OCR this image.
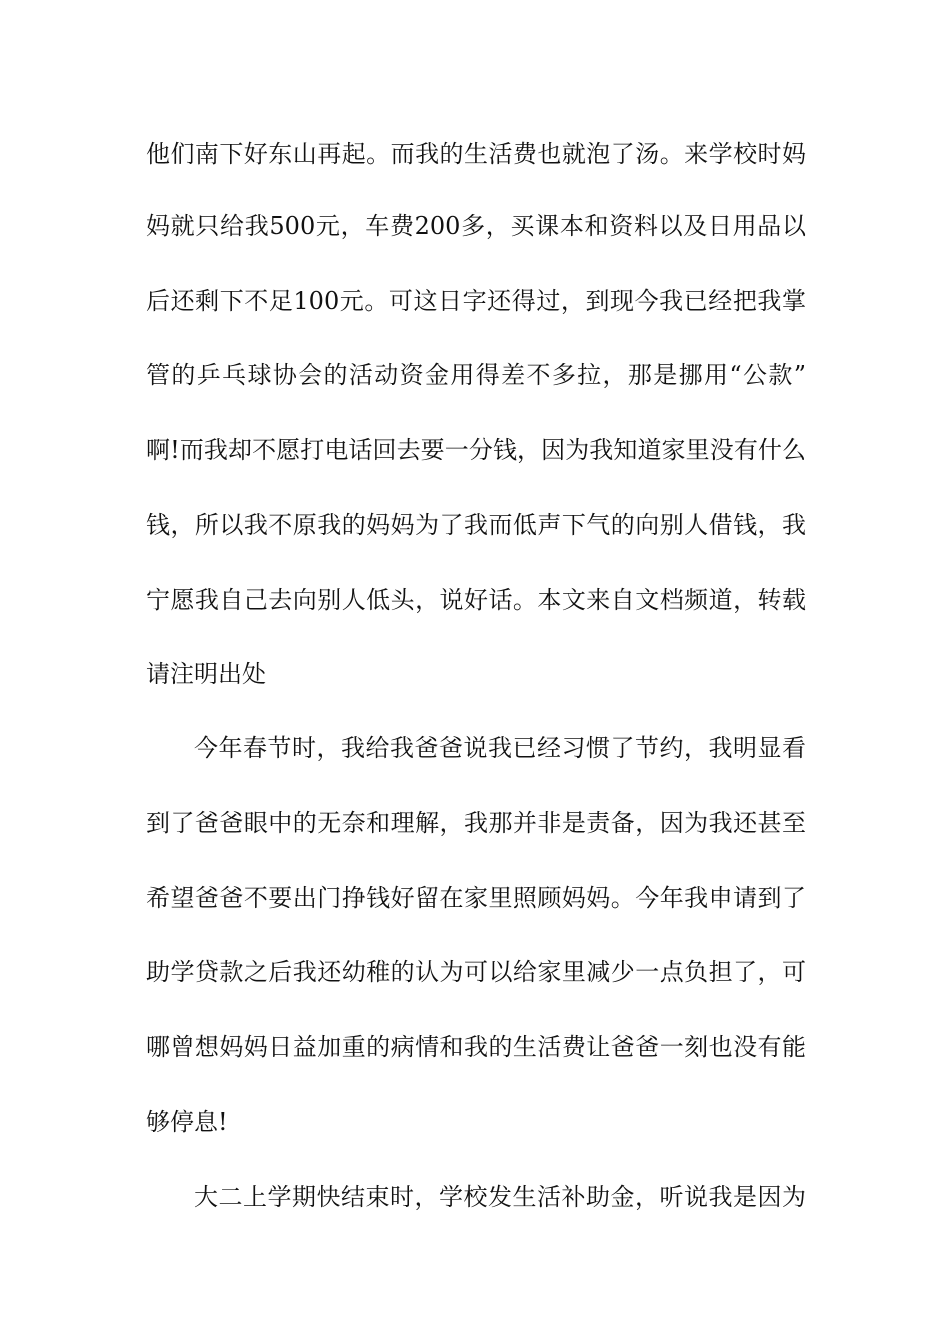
他们南下好东山再起。而我的生活费也就泡了汤。来学校时妈
妈就只给我500元，车费200多，买课本和资料以及日用品以
后还剩下不足100元。可这日字还得过，到现今我已经把我掌
管的乒乓球协会的活动资金用得差不多拉，那是挪用“公款”
啊!而我却不愿打电话回去要一分钱，因为我知道家里没有什么
钱，所以我不原我的妈妈为了我而低声下气的向别人借钱，我
宁愿我自己去向别人低头，说好话。本文来自文档频道，转载
请注明出处
今年春节时，我给我爸爸说我已经习惯了节约，我明显看
到了爸爸眼中的无奈和理解，我那并非是责备，因为我还甚至
希望爸爸不要出门挣钱好留在家里照顾妈妈。今年我申请到了
助学贷款之后我还幼稚的认为可以给家里减少一点负担了，可
哪曾想妈妈日益加重的病情和我的生活费让爸爸一刻也没有能
够停息!
大二上学期快结束时，学校发生活补助金，听说我是因为
